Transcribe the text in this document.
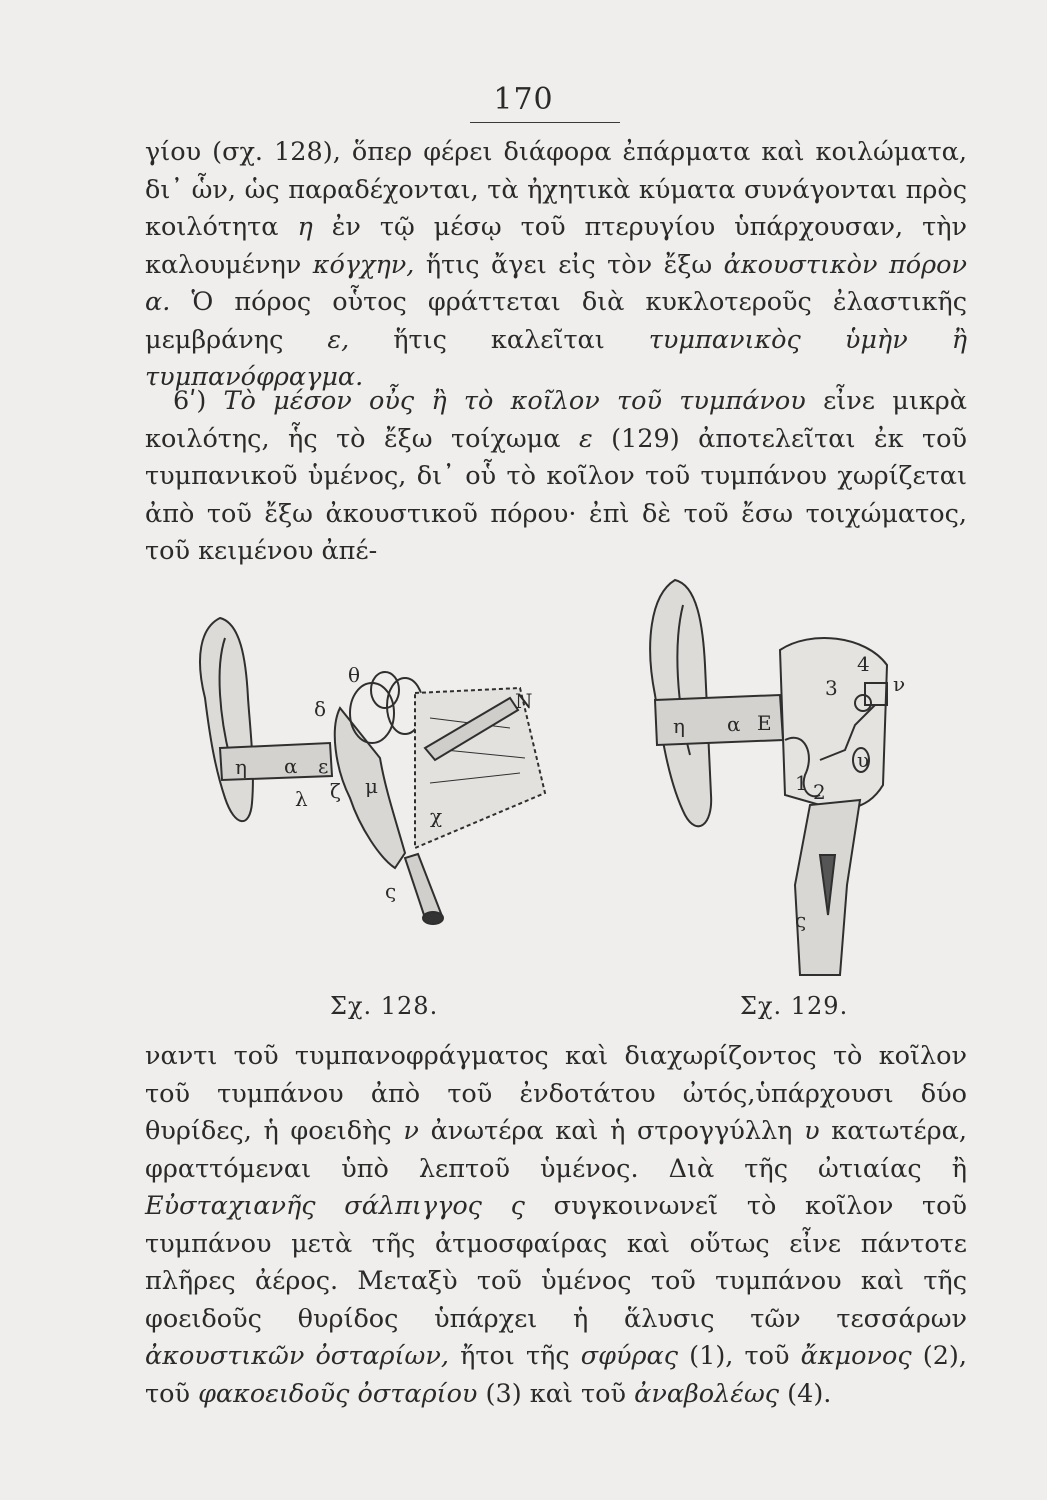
170

γίου (σχ. 128), ὅπερ φέρει διάφορα ἐπάρματα καὶ κοιλώματα, δι᾽ ὧν, ὡς παραδέχονται, τὰ ἠχητικὰ κύματα συνάγονται πρὸς κοιλότητα η ἐν τῷ μέσῳ τοῦ πτερυγίου ὑπάρχουσαν, τὴν καλουμένην κόγχην, ἥτις ἄγει εἰς τὸν ἔξω ἀκουστικὸν πόρον α. Ὁ πόρος οὗτος φράττεται διὰ κυκλοτεροῦς ἐλαστικῆς μεμβράνης ε, ἥτις καλεῖται τυμπανικὸς ὑμὴν ἢ τυμπανόφραγμα.

6ʹ) Τὸ μέσον οὖς ἢ τὸ κοῖλον τοῦ τυμπάνου εἶνε μικρὰ κοιλότης, ἧς τὸ ἔξω τοίχωμα ε (129) ἀποτελεῖται ἐκ τοῦ τυμπανικοῦ ὑμένος, δι᾽ οὗ τὸ κοῖλον τοῦ τυμπάνου χωρίζεται ἀπὸ τοῦ ἔξω ἀκουστικοῦ πόρου· ἐπὶ δὲ τοῦ ἔσω τοιχώματος, τοῦ κειμένου ἀπέ-

θ
N
δ
η α ε
λ ζ μ
χ
ς
η α Ε
3
4
ν
υ
1 2
ς
Σχ. 128.	Σχ. 129.

ναντι τοῦ τυμπανοφράγματος καὶ διαχωρίζοντος τὸ κοῖλον τοῦ τυμπάνου ἀπὸ τοῦ ἐνδοτάτου ὠτός,ὑπάρχουσι δύο θυρίδες, ἡ φοειδὴς ν ἀνωτέρα καὶ ἡ στρογγύλλη υ κατωτέρα, φραττόμεναι ὑπὸ λεπτοῦ ὑμένος. Διὰ τῆς ὠτιαίας ἢ Εὐσταχιανῆς σάλπιγγος ς συγκοινωνεῖ τὸ κοῖλον τοῦ τυμπάνου μετὰ τῆς ἀτμοσφαίρας καὶ οὕτως εἶνε πάντοτε πλῆρες ἀέρος. Μεταξὺ τοῦ ὑμένος τοῦ τυμπάνου καὶ τῆς φοειδοῦς θυρίδος ὑπάρχει ἡ ἅλυσις τῶν τεσσάρων ἀκουστικῶν ὀσταρίων, ἤτοι τῆς σφύρας (1), τοῦ ἄκμονος (2), τοῦ φακοειδοῦς ὀσταρίου (3) καὶ τοῦ ἀναβολέως (4).
